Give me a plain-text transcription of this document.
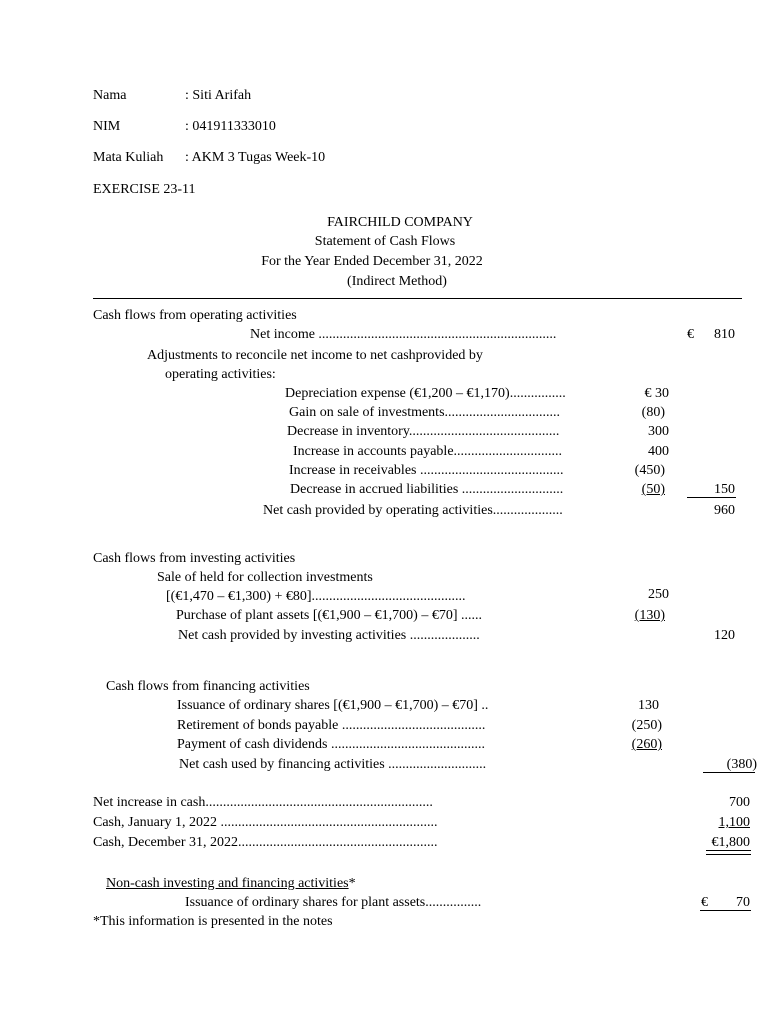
Nama	: Siti Arifah
NIM	: 041911333010
Mata Kuliah : AKM 3 Tugas Week-10
EXERCISE 23-11
FAIRCHILD COMPANY
Statement of Cash Flows
For the Year Ended December 31, 2022
(Indirect Method)
Cash flows from operating activities
Net income ....................................................................	€	810
Adjustments to reconcile net income to net cashprovided by
operating activities:
Depreciation expense (€1,200 – €1,170)................	€ 30
Gain on sale of investments.................................	(80)
Decrease in inventory...........................................	300
Increase in accounts payable...............................	400
Increase in receivables .........................................	(450)
Decrease in accrued liabilities .............................	(50)	150
Net cash provided by operating activities....................	960
Cash flows from investing activities
Sale of held for collection investments
[(€1,470 – €1,300) + €80]............................................	250
Purchase of plant assets [(€1,900 – €1,700) – €70] ......	(130)
Net cash provided by investing activities ....................	120
Cash flows from financing activities
Issuance of ordinary shares [(€1,900 – €1,700) – €70] ..	130
Retirement of bonds payable .........................................	(250)
Payment of cash dividends ............................................	(260)
Net cash used by financing activities ............................	(380)
Net increase in cash.................................................................	700
Cash, January 1, 2022 ..............................................................	1,100
Cash, December 31, 2022.........................................................	€1,800
Non-cash investing and financing activities*
Issuance of ordinary shares for plant assets................	€	70
*This information is presented in the notes
